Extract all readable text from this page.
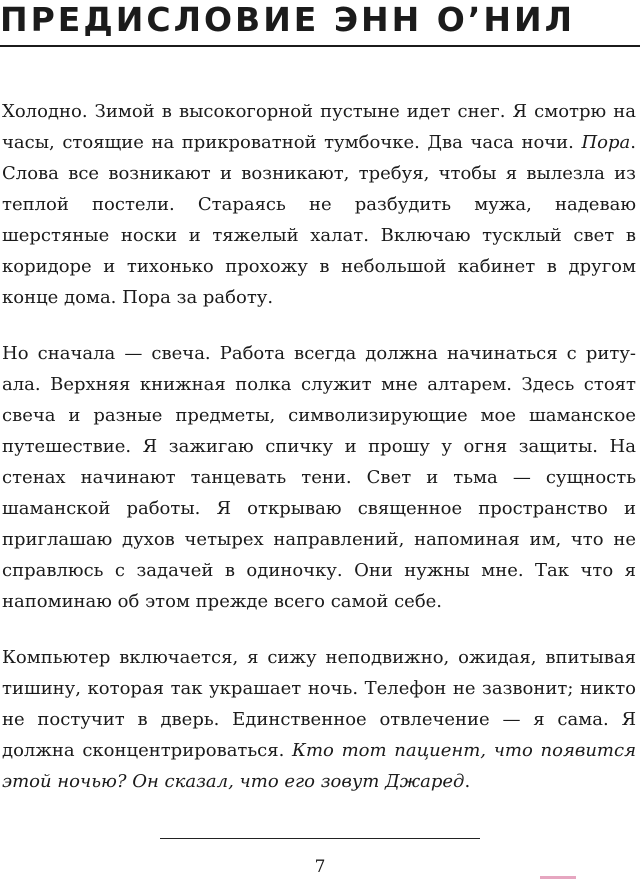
ПРЕДИСЛОВИЕ ЭНН О’НИЛ

Холодно. Зимой в высокогорной пустыне идет снег. Я смотрю на часы, стоящие на прикроватной тумбочке. Два часа ночи. Пора. Слова все возникают и возникают, требуя, чтобы я вылезла из теплой постели. Стараясь не разбудить мужа, надеваю шерстяные носки и тяжелый халат. Включаю тусклый свет в коридоре и тихонько прохожу в небольшой кабинет в другом конце дома. Пора за работу.

Но сначала — свеча. Работа всегда должна начинаться с ритуала. Верхняя книжная полка служит мне алтарем. Здесь стоят свеча и разные предметы, символизирующие мое шаманское путешествие. Я зажигаю спичку и прошу у огня защиты. На стенах начинают танцевать тени. Свет и тьма — сущность шаманской работы. Я открываю священное пространство и приглашаю духов четырех направлений, напоминая им, что не справлюсь с задачей в одиночку. Они нужны мне. Так что я напоминаю об этом прежде всего самой себе.

Компьютер включается, я сижу неподвижно, ожидая, впитывая тишину, которая так украшает ночь. Телефон не зазвонит; никто не постучит в дверь. Единственное отвлечение — я сама. Я должна сконцентрироваться. Кто тот пациент, что появится этой ночью? Он сказал, что его зовут Джаред.

7
